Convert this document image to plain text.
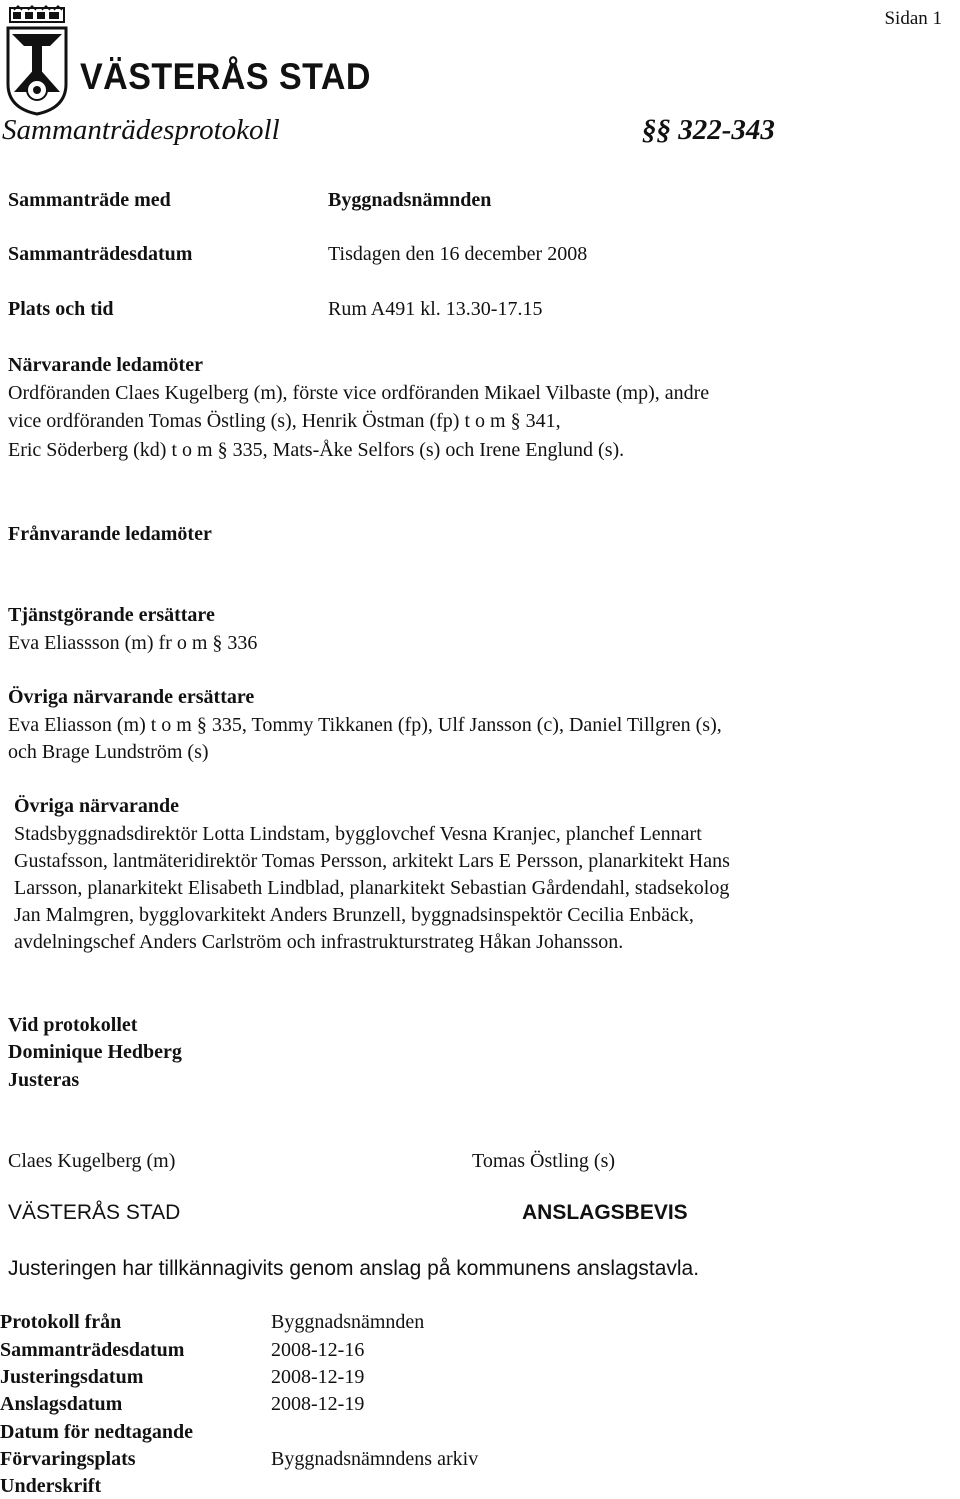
Sidan 1
VÄSTERÅS STAD
Sammanträdesprotokoll	§§ 322-343
Sammanträde med	Byggnadsnämnden
Sammanträdesdatum	Tisdagen den 16 december 2008
Plats och tid	Rum A491 kl. 13.30-17.15
Närvarande ledamöter
Ordföranden Claes Kugelberg (m), förste vice ordföranden Mikael Vilbaste (mp), andre
vice ordföranden Tomas Östling (s), Henrik Östman (fp) t o m § 341,
Eric Söderberg (kd) t o m § 335, Mats-Åke Selfors (s) och Irene Englund (s).
Frånvarande ledamöter
Tjänstgörande ersättare
Eva Eliassson (m) fr o m § 336
Övriga närvarande ersättare
Eva Eliasson (m) t o m § 335, Tommy Tikkanen (fp), Ulf Jansson (c), Daniel Tillgren (s),
och Brage Lundström (s)
Övriga närvarande
Stadsbyggnadsdirektör Lotta Lindstam, bygglovchef Vesna Kranjec, planchef Lennart
Gustafsson, lantmäteridirektör Tomas Persson, arkitekt Lars E Persson, planarkitekt Hans
Larsson, planarkitekt Elisabeth Lindblad, planarkitekt Sebastian Gårdendahl, stadsekolog
Jan Malmgren, bygglovarkitekt Anders Brunzell, byggnadsinspektör Cecilia Enbäck,
avdelningschef Anders Carlström och infrastrukturstrateg Håkan Johansson.
Vid protokollet
Dominique Hedberg
Justeras
Claes Kugelberg (m)	Tomas Östling (s)
VÄSTERÅS STAD	ANSLAGSBEVIS
Justeringen har tillkännagivits genom anslag på kommunens anslagstavla.
Protokoll från	Byggnadsnämnden
Sammanträdesdatum	2008-12-16
Justeringsdatum	2008-12-19
Anslagsdatum	2008-12-19
Datum för nedtagande
Förvaringsplats	Byggnadsnämndens arkiv
Underskrift
